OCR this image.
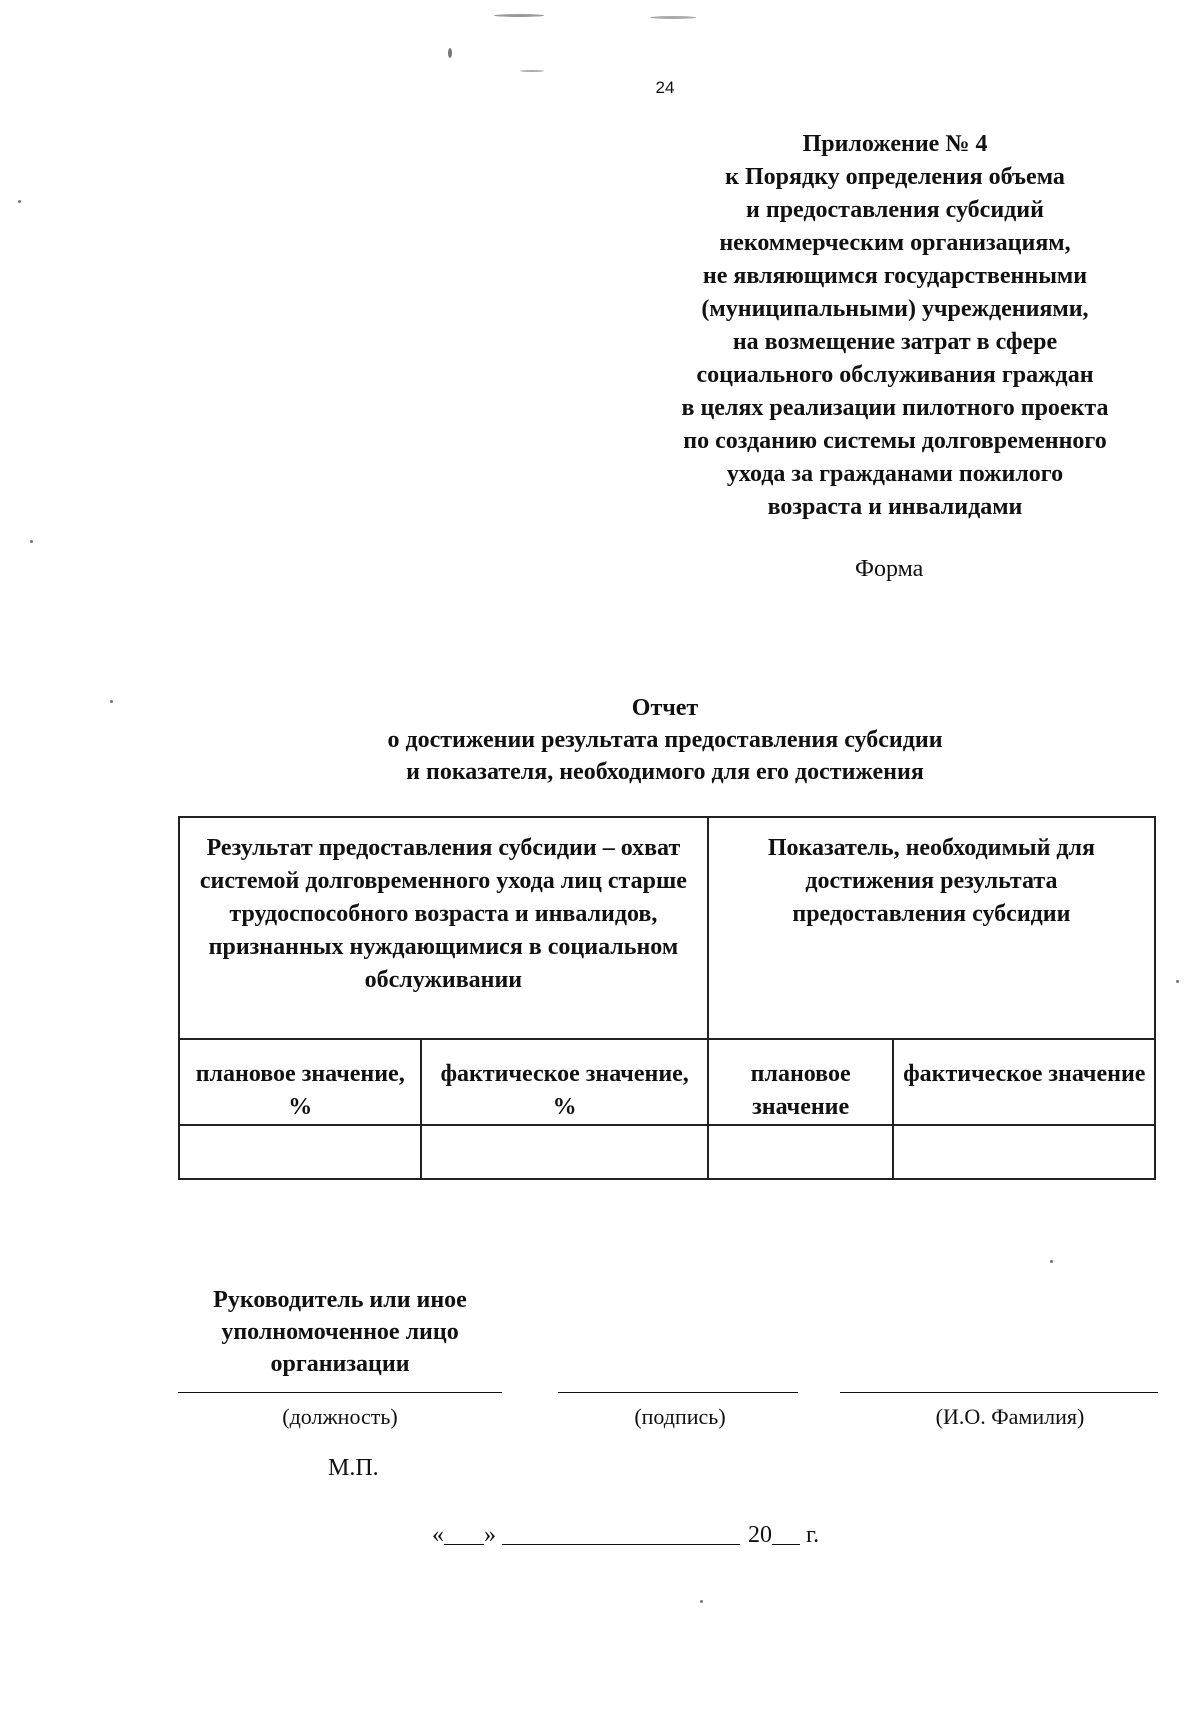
24
Приложение № 4
к Порядку определения объема
и предоставления субсидий
некоммерческим организациям,
не являющимся государственными
(муниципальными) учреждениями,
на возмещение затрат в сфере
социального обслуживания граждан
в целях реализации пилотного проекта
по созданию системы долговременного
ухода за гражданами пожилого
возраста и инвалидами
Форма
Отчет
о достижении результата предоставления субсидии
и показателя, необходимого для его достижения
Результат предоставления субсидии – охват системой долговременного ухода лиц старше трудоспособного возраста и инвалидов, признанных нуждающимися в социальном обслуживании		Показатель, необходимый для достижения результата предоставления субсидии	

плановое значение, %	фактическое значение, %	плановое значение	фактическое значение

Руководитель или иное
уполномоченное лицо
организации
(должность)	(подпись)	(И.О. Фамилия)
М.П.
« »	20 г.
